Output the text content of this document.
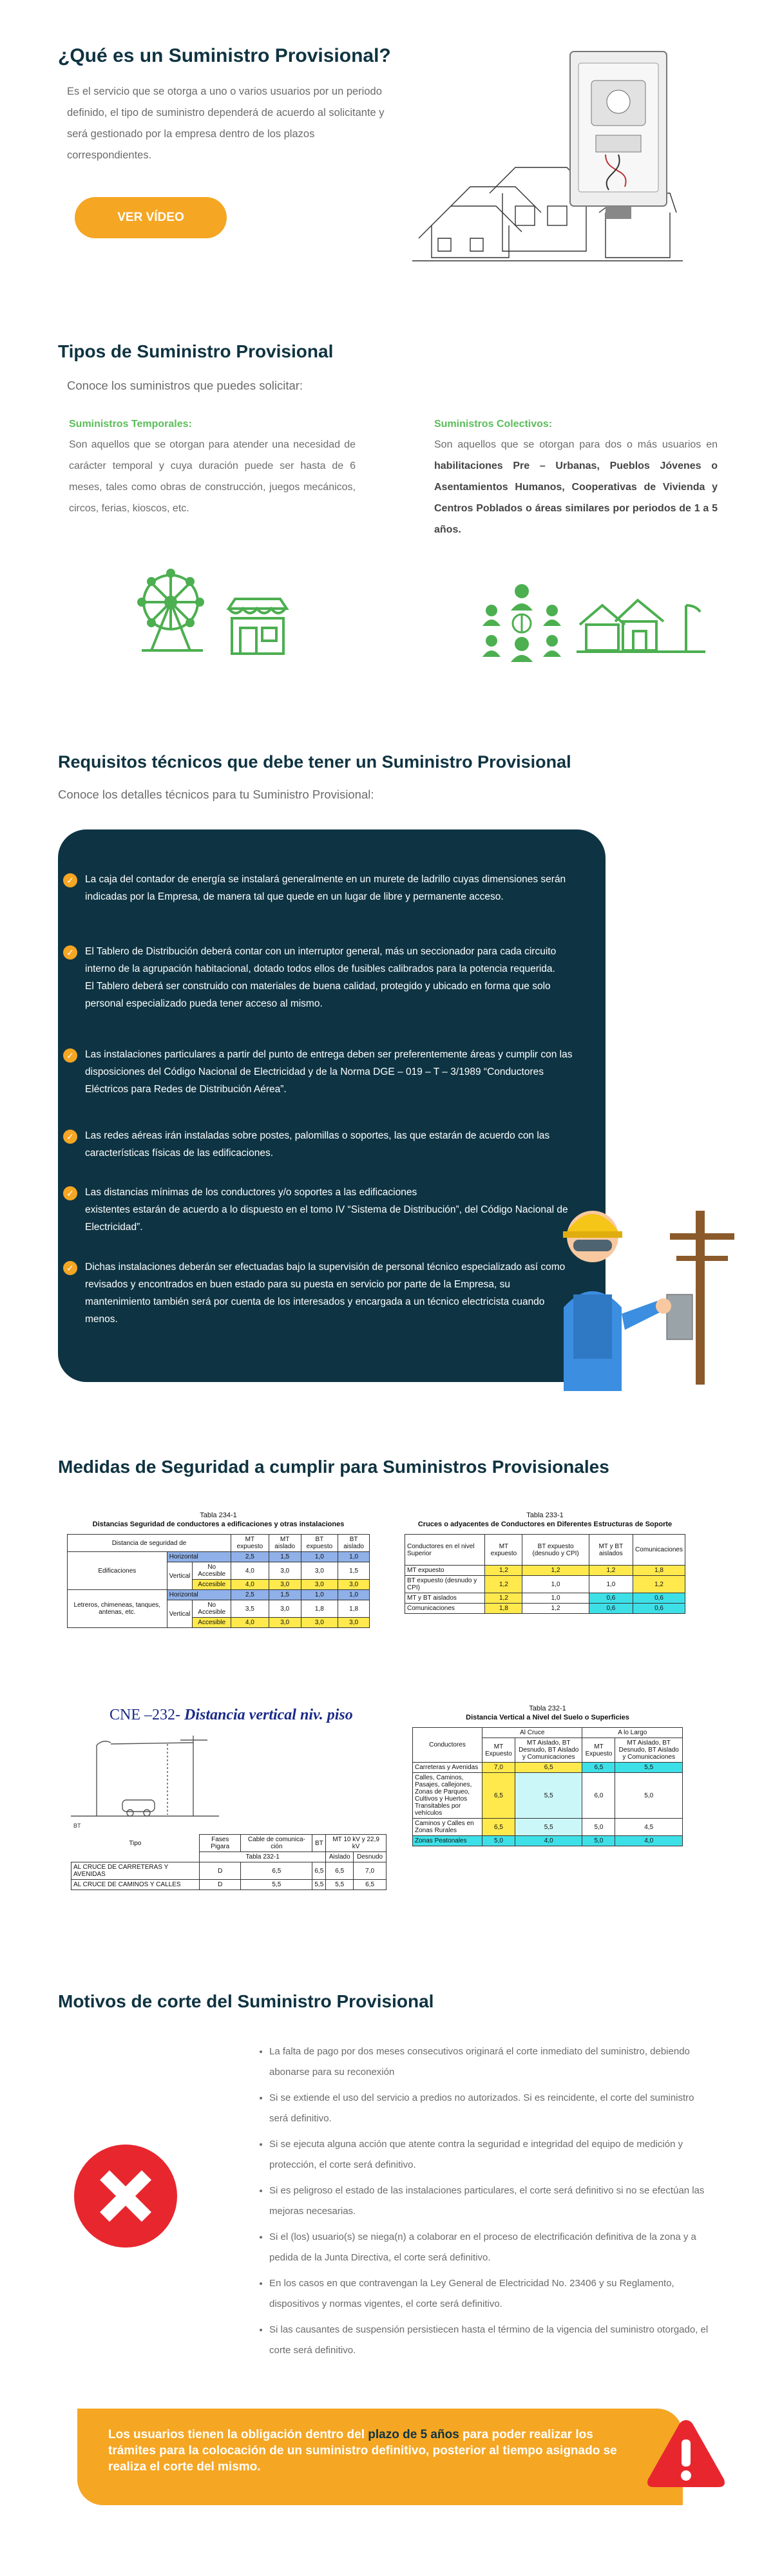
¿Qué es un Suministro Provisional?

Es el servicio que se otorga a uno o varios usuarios por un periodo definido, el tipo de suministro dependerá de acuerdo al solicitante y será gestionado por la empresa dentro de los plazos correspondientes.

VER VÍDEO
Tipos de Suministro Provisional

Conoce los suministros que puedes solicitar:

Suministros Temporales:

Son aquellos que se otorgan para atender una necesidad de carácter temporal y cuya duración puede ser hasta de 6 meses, tales como obras de construcción, juegos mecánicos, circos, ferias, kioscos, etc.

Suministros Colectivos:

Son aquellos que se otorgan para dos o más usuarios en habilitaciones Pre – Urbanas, Pueblos Jóvenes o Asentamientos Humanos, Cooperativas de Vivienda y Centros Poblados o áreas similares por periodos de 1 a 5 años.

Requisitos técnicos que debe tener un Suministro Provisional

Conoce los detalles técnicos para tu Suministro Provisional:

✓	La caja del contador de energía se instalará generalmente en un murete de ladrillo cuyas dimensiones serán indicadas por la Empresa, de manera tal que quede en un lugar de libre y permanente acceso.
✓	El Tablero de Distribución deberá contar con un interruptor general, más un seccionador para cada circuito interno de la agrupación habitacional, dotado todos ellos de fusibles calibrados para la potencia requerida.
El Tablero deberá ser construido con materiales de buena calidad, protegido y ubicado en forma que solo personal especializado pueda tener acceso al mismo.
✓	Las instalaciones particulares a partir del punto de entrega deben ser preferentemente áreas y cumplir con las disposiciones del Código Nacional de Electricidad y de la Norma DGE – 019 – T – 3/1989 “Conductores Eléctricos para Redes de Distribución Aérea”.
✓	Las redes aéreas irán instaladas sobre postes, palomillas o soportes, las que estarán de acuerdo con las características físicas de las edificaciones.
✓	Las distancias mínimas de los conductores y/o soportes a las edificaciones
existentes estarán de acuerdo a lo dispuesto en el tomo IV “Sistema de Distribución”, del Código Nacional de Electricidad”.
✓	Dichas instalaciones deberán ser efectuadas bajo la supervisión de personal técnico especializado así como revisados y encontrados en buen estado para su puesta en servicio por parte de la Empresa, su mantenimiento también será por cuenta de los interesados y encargada a un técnico electricista cuando menos.
Medidas de Seguridad a cumplir para Suministros Provisionales
Tabla 234-1
Distancias Seguridad de conductores a edificaciones y otras instalaciones
Distancia de seguridad de			MT expuesto	MT aislado	BT expuesto	BT aislado
Edificaciones	Horizontal		2,5	1,5	1,0	1,0
	Vertical	No Accesible	4,0	3,0	3,0	1,5
		Accesible	4,0	3,0	3,0	3,0
Letreros, chimeneas, tanques, antenas, etc.	Horizontal		2,5	1,5	1,0	1,0
	Vertical	No Accesible	3,5	3,0	1,8	1,8
		Accesible	4,0	3,0	3,0	3,0
Tabla 233-1
Cruces o adyacentes de Conductores en Diferentes Estructuras de Soporte
Conductores en el nivel Superior	MT expuesto	BT expuesto (desnudo y CPI)	MT y BT aislados	Comunicaciones
MT expuesto	1,2	1,2	1,2	1,8
BT expuesto (desnudo y CPI)	1,2	1,0	1,0	1,2
MT y BT aislados	1,2	1,0	0,6	0,6
Comunicaciones	1,8	1,2	0,6	0,6
CNE –232- Distancia vertical niv. piso
BT
Tipo	Fases Pigara	Cable de comunica-ción	BT	MT 10 kV y 22,9 kV	
	Tabla 232-1			Aislado	Desnudo
AL CRUCE DE CARRETERAS Y AVENIDAS	D	6,5	6,5	6,5	7,0
AL CRUCE DE CAMINOS Y CALLES	D	5,5	5,5	5,5	6,5
Tabla 232-1
Distancia Vertical a Nivel del Suelo o Superficies
Conductores	Al Cruce		A lo Largo	
	MT Expuesto	MT Aislado, BT Desnudo, BT Aislado y Comunicaciones	MT Expuesto	MT Aislado, BT Desnudo, BT Aislado y Comunicaciones
Carreteras y Avenidas	7,0	6,5	6,5	5,5
Calles, Caminos, Pasajes, callejones, Zonas de Parqueo, Cultivos y Huertos Transitables por vehículos	6,5	5,5	6,0	5,0
Caminos y Calles en Zonas Rurales	6,5	5,5	5,0	4,5
Zonas Peatonales	5,0	4,0	5,0	4,0
Motivos de corte del Suministro Provisional
• La falta de pago por dos meses consecutivos originará el corte inmediato del suministro, debiendo abonarse para su reconexión
• Si se extiende el uso del servicio a predios no autorizados. Si es reincidente, el corte del suministro será definitivo.
• Si se ejecuta alguna acción que atente contra la seguridad e integridad del equipo de medición y protección, el corte será definitivo.
• Si es peligroso el estado de las instalaciones particulares, el corte será definitivo si no se efectúan las mejoras necesarias.
• Si el (los) usuario(s) se niega(n) a colaborar en el proceso de electrificación definitiva de la zona y a pedida de la Junta Directiva, el corte será definitivo.
• En los casos en que contravengan la Ley General de Electricidad No. 23406 y su Reglamento, dispositivos y normas vigentes, el corte será definitivo.
• Si las causantes de suspensión persistiecen hasta el término de la vigencia del suministro otorgado, el corte será definitivo.

Los usuarios tienen la obligación dentro del plazo de 5 años para poder realizar los trámites para la colocación de un suministro definitivo, posterior al tiempo asignado se realiza el corte del mismo.
